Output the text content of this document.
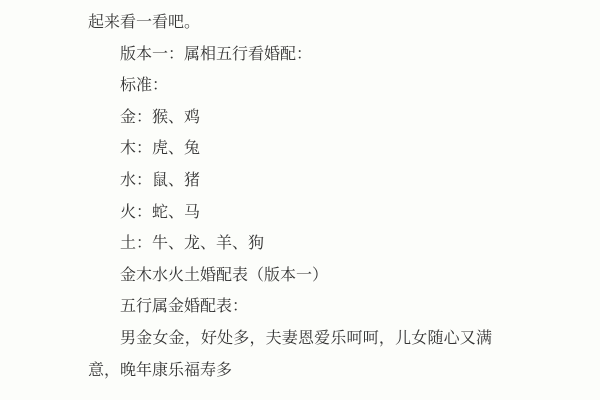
起来看一看吧。

版本一：属相五行看婚配：

标准：

金：猴、鸡

木：虎、兔

水：鼠、猪

火：蛇、马

土：牛、龙、羊、狗

金木水火土婚配表（版本一）

五行属金婚配表：

男金女金，好处多，夫妻恩爱乐呵呵，儿女随心又满意，晚年康乐福寿多
